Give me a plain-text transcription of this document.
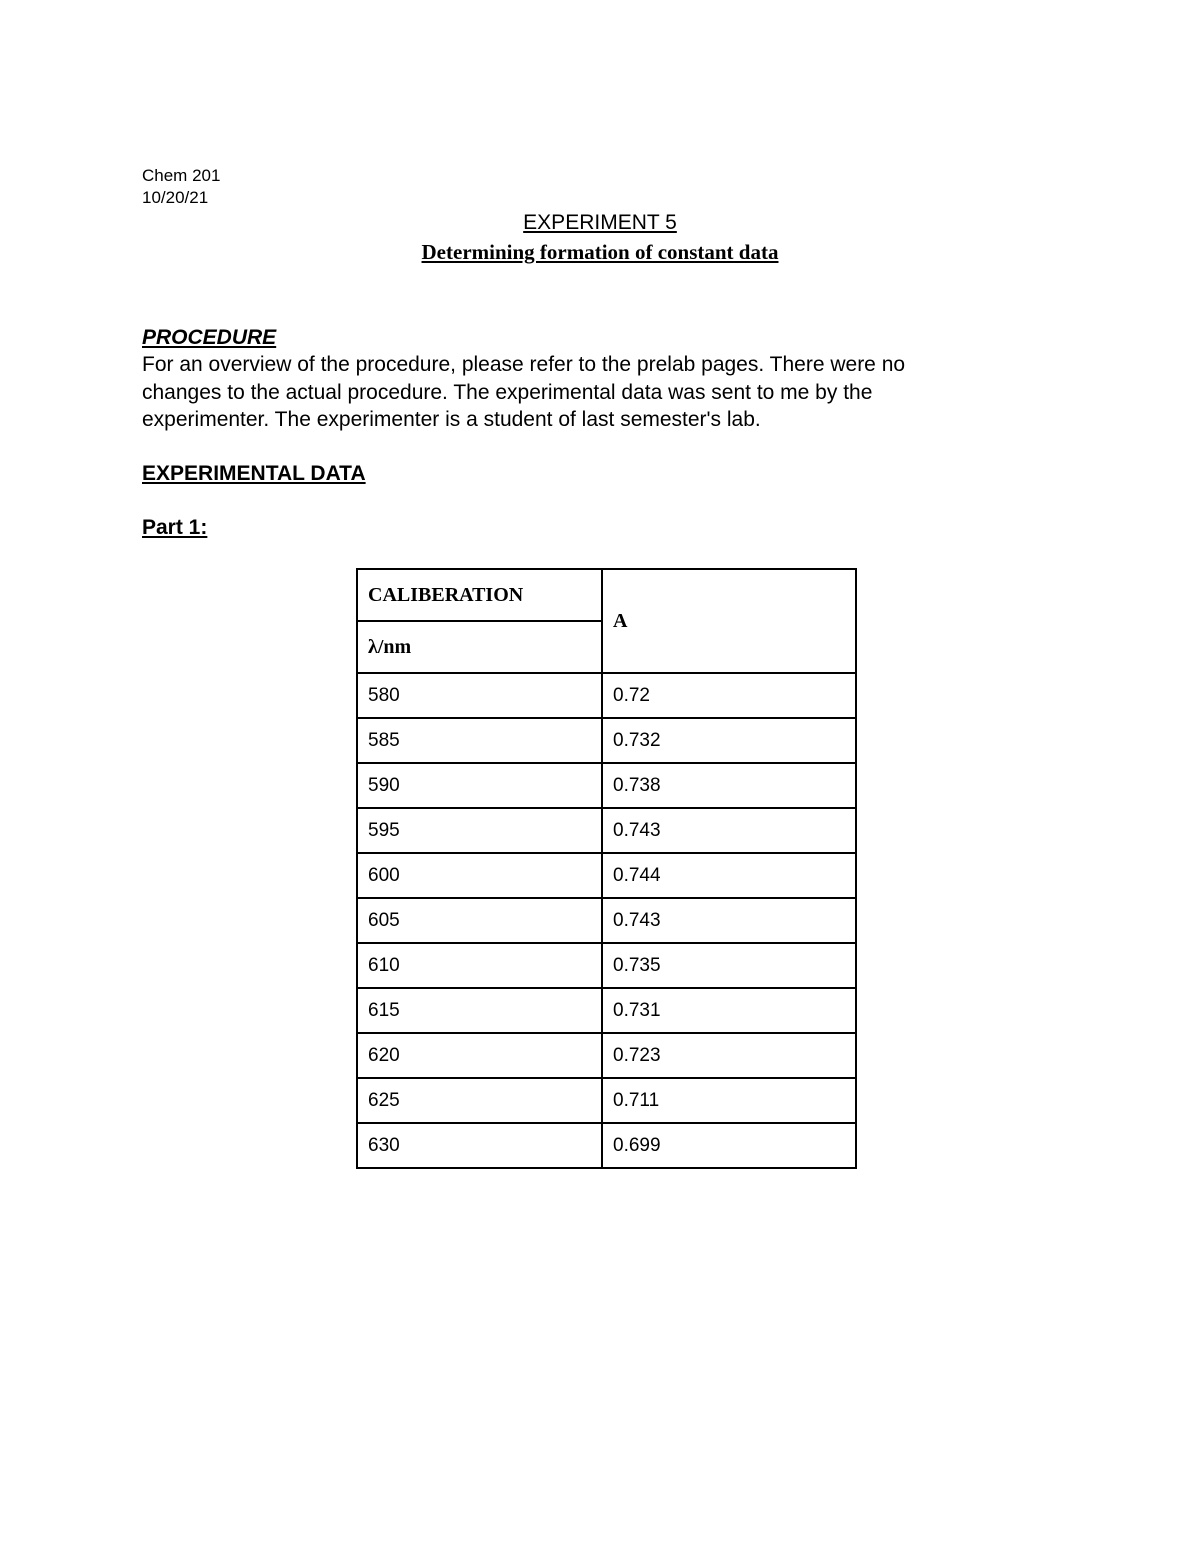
Chem 201
10/20/21
EXPERIMENT 5
Determining formation of constant data
PROCEDURE
For an overview of the procedure, please refer to the prelab pages. There were no
changes to the actual procedure. The experimental data was sent to me by the
experimenter. The experimenter is a student of last semester's lab.
EXPERIMENTAL DATA
Part 1:
CALIBERATION	A
λ/nm	
580	0.72
585	0.732
590	0.738
595	0.743
600	0.744
605	0.743
610	0.735
615	0.731
620	0.723
625	0.711
630	0.699
